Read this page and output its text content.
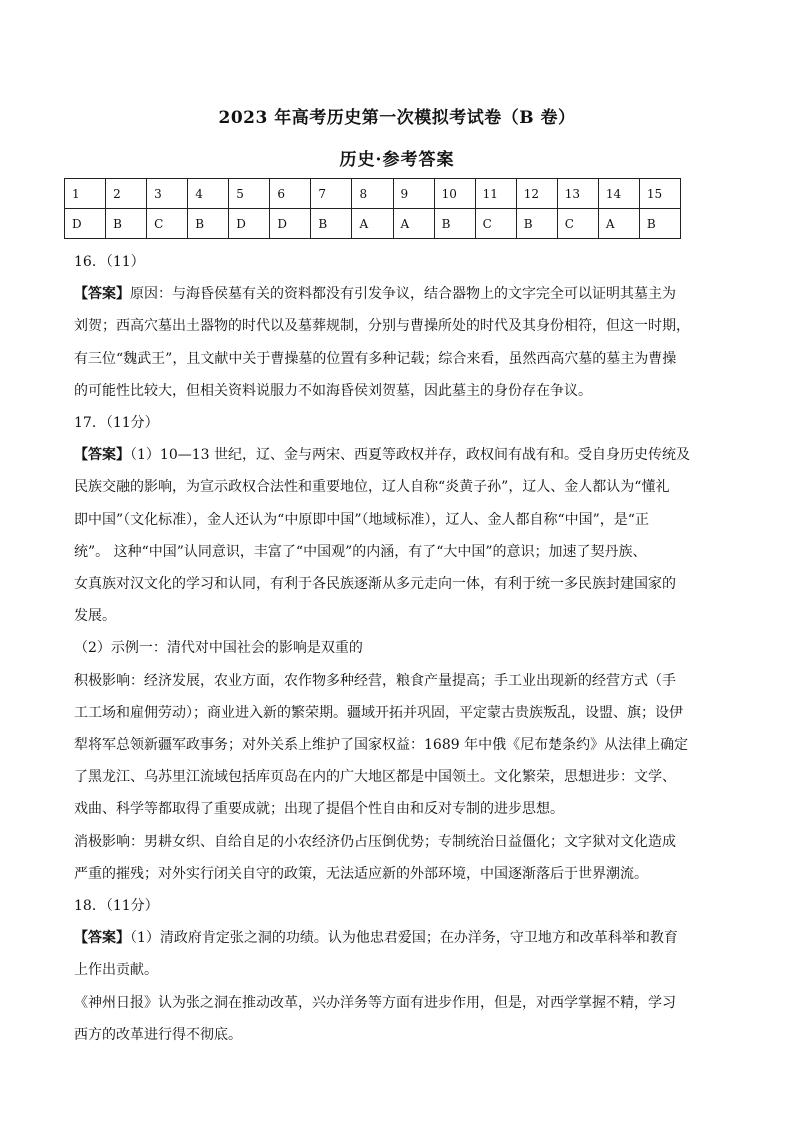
2023 年高考历史第一次模拟考试卷（B 卷）
历史·参考答案
1	2	3	4	5	6	7	8	9	10	11	12	13	14	15
D	B	C	B	D	D	B	A	A	B	C	B	C	A	B

16．（11）

【答案】原因：与海昏侯墓有关的资料都没有引发争议，结合器物上的文字完全可以证明其墓主为

刘贺；西高穴墓出土器物的时代以及墓葬规制，分别与曹操所处的时代及其身份相符，但这一时期，

有三位“魏武王”，且文献中关于曹操墓的位置有多种记载；综合来看，虽然西高穴墓的墓主为曹操

的可能性比较大，但相关资料说服力不如海昏侯刘贺墓，因此墓主的身份存在争议。

17．（11分）

【答案】（1）10—13 世纪，辽、金与两宋、西夏等政权并存，政权间有战有和。受自身历史传统及

民族交融的影响，为宣示政权合法性和重要地位，辽人自称“炎黄子孙”，辽人、金人都认为“懂礼

即中国”（文化标准），金人还认为“中原即中国”（地域标准），辽人、金人都自称“中国”，是“正

统”。 这种“中国”认同意识，丰富了“中国观”的内涵，有了“大中国”的意识；加速了契丹族、

女真族对汉文化的学习和认同，有利于各民族逐渐从多元走向一体，有利于统一多民族封建国家的

发展。

（2）示例一：清代对中国社会的影响是双重的

积极影响：经济发展，农业方面，农作物多种经营，粮食产量提高；手工业出现新的经营方式（手

工工场和雇佣劳动）；商业进入新的繁荣期。疆域开拓并巩固，平定蒙古贵族叛乱，设盟、旗；设伊

犁将军总领新疆军政事务；对外关系上维护了国家权益：1689 年中俄《尼布楚条约》从法律上确定

了黑龙江、乌苏里江流域包括库页岛在内的广大地区都是中国领土。文化繁荣，思想进步：文学、

戏曲、科学等都取得了重要成就；出现了提倡个性自由和反对专制的进步思想。

消极影响：男耕女织、自给自足的小农经济仍占压倒优势；专制统治日益僵化；文字狱对文化造成

严重的摧残；对外实行闭关自守的政策，无法适应新的外部环境，中国逐渐落后于世界潮流。

18．（11分）

【答案】（1）清政府肯定张之洞的功绩。认为他忠君爱国；在办洋务，守卫地方和改革科举和教育

上作出贡献。

《神州日报》认为张之洞在推动改革，兴办洋务等方面有进步作用，但是，对西学掌握不精，学习

西方的改革进行得不彻底。
